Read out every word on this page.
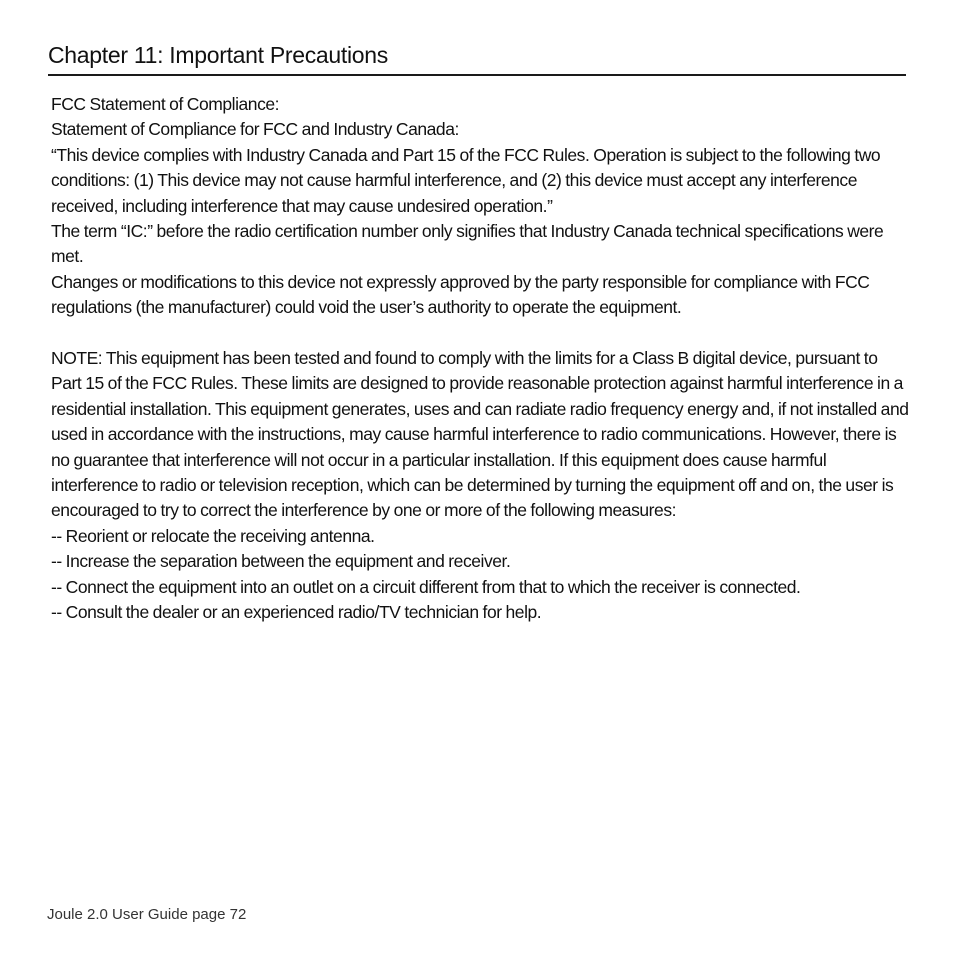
Chapter 11: Important Precautions

FCC Statement of Compliance:

Statement of Compliance for FCC and Industry Canada:

“This device complies with Industry Canada and Part 15 of the FCC Rules. Operation is subject to the following two conditions: (1) This device may not cause harmful interference, and (2) this device must accept any interference received, including interference that may cause undesired operation.”

The term “IC:” before the radio certification number only signifies that Industry Canada technical specifications were met.

Changes or modifications to this device not expressly approved by the party responsible for compliance with FCC regulations (the manufacturer) could void the user’s authority to operate the equipment.

NOTE: This equipment has been tested and found to comply with the limits for a Class B digital device, pursuant to Part 15 of the FCC Rules. These limits are designed to provide reasonable protection against harmful interference in a residential installation. This equipment generates, uses and can radiate radio frequency energy and, if not installed and used in accordance with the instructions, may cause harmful interference to radio communications. However, there is no guarantee that interference will not occur in a particular installation. If this equipment does cause harmful interference to radio or television reception, which can be determined by turning the equipment off and on, the user is encouraged to try to correct the interference by one or more of the following measures:

-- Reorient or relocate the receiving antenna.

-- Increase the separation between the equipment and receiver.

-- Connect the equipment into an outlet on a circuit different from that to which the receiver is connected.

-- Consult the dealer or an experienced radio/TV technician for help.

Joule 2.0 User Guide page 72
